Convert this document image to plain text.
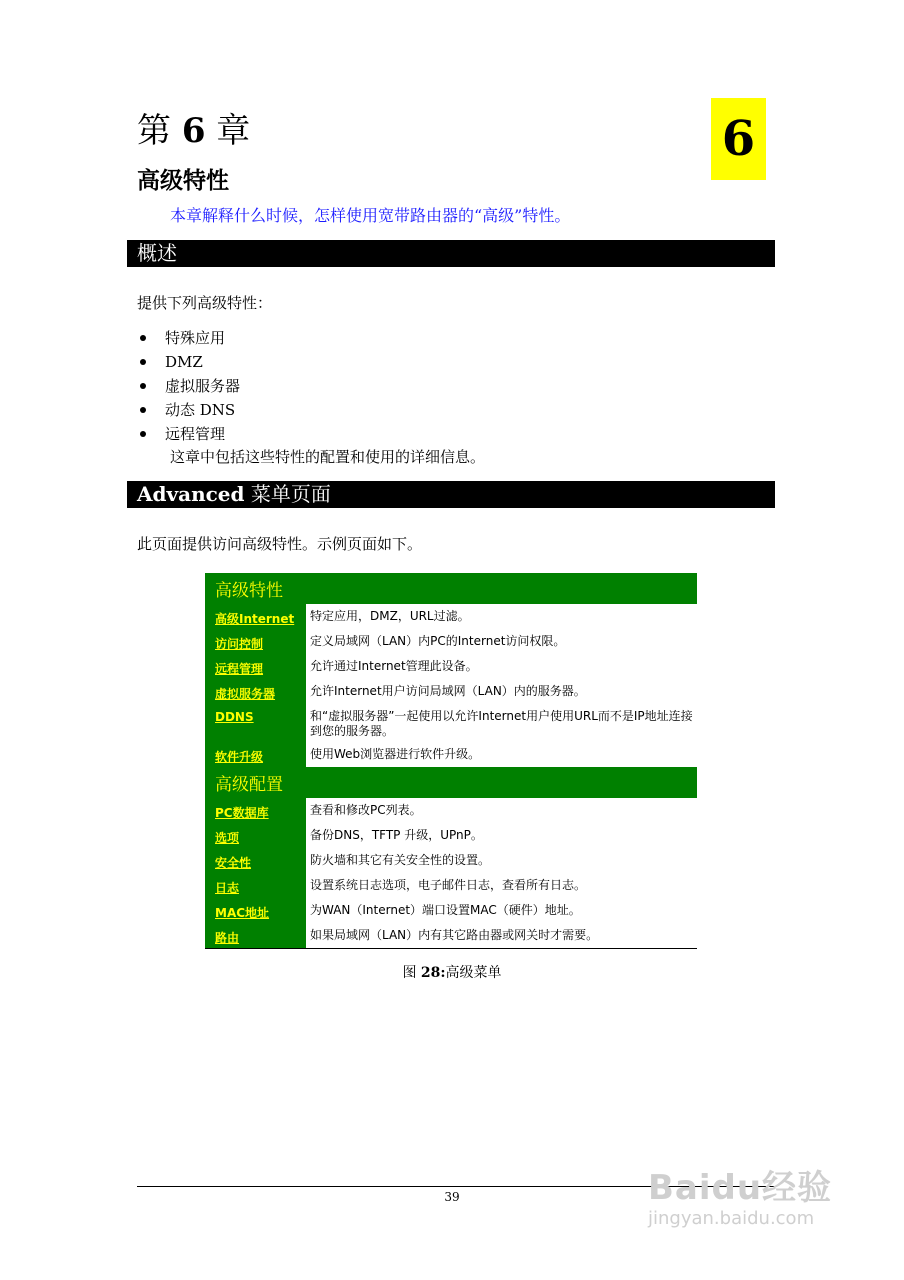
第 6 章
高级特性

本章解释什么时候，怎样使用宽带路由器的“高级”特性。

6
概述

提供下列高级特性：

特殊应用
DMZ
虚拟服务器
动态 DNS
远程管理

这章中包括这些特性的配置和使用的详细信息。

Advanced 菜单页面

此页面提供访问高级特性。示例页面如下。

高级特性	
高级Internet	特定应用，DMZ，URL过滤。
访问控制	定义局域网（LAN）内PC的Internet访问权限。
远程管理	允许通过Internet管理此设备。
虚拟服务器	允许Internet用户访问局域网（LAN）内的服务器。
DDNS	和“虚拟服务器”一起使用以允许Internet用户使用URL而不是IP地址连接到您的服务器。
软件升级	使用Web浏览器进行软件升级。
高级配置	
PC数据库	查看和修改PC列表。
选项	备份DNS，TFTP 升级，UPnP。
安全性	防火墙和其它有关安全性的设置。
日志	设置系统日志选项，电子邮件日志，查看所有日志。
MAC地址	为WAN（Internet）端口设置MAC（硬件）地址。
路由	如果局域网（LAN）内有其它路由器或网关时才需要。

图 28:高级菜单

39	Baidu经验
jingyan.baidu.com
